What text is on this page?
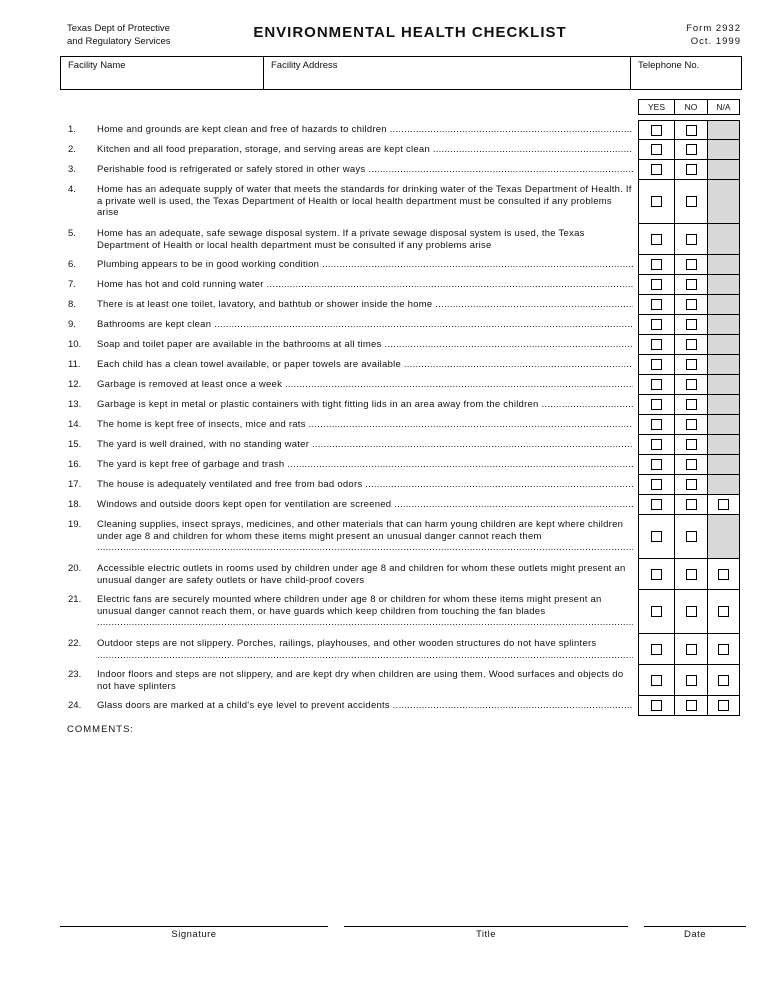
Texas Dept of Protective
and Regulatory Services
ENVIRONMENTAL HEALTH CHECKLIST	Form 2932
Oct. 1999
Facility Name	Facility Address	Telephone No.
YES	NO	N/A
1.	Home and grounds are kept clean and free of hazards to children .....
2.	Kitchen and all food preparation, storage, and serving areas are kept clean .....
3.	Perishable food is refrigerated or safely stored in other ways .....
4.	Home has an adequate supply of water that meets the standards for drinking water of the Texas Department of Health. If a private well is used, the Texas Department of Health or local health department must be consulted if any problems arise .....
5.	Home has an adequate, safe sewage disposal system. If a private sewage disposal system is used, the Texas Department of Health or local health department must be consulted if any problems arise .....
6.	Plumbing appears to be in good working condition .....
7.	Home has hot and cold running water .....
8.	There is at least one toilet, lavatory, and bathtub or shower inside the home .....
9.	Bathrooms are kept clean .....
10.	Soap and toilet paper are available in the bathrooms at all times .....
11.	Each child has a clean towel available, or paper towels are available .....
12.	Garbage is removed at least once a week .....
13.	Garbage is kept in metal or plastic containers with tight fitting lids in an area away from the children .....
14.	The home is kept free of insects, mice and rats .....
15.	The yard is well drained, with no standing water .....
16.	The yard is kept free of garbage and trash .....
17.	The house is adequately ventilated and free from bad odors .....
18.	Windows and outside doors kept open for ventilation are screened .....
19.	Cleaning supplies, insect sprays, medicines, and other materials that can harm young children are kept where children under age 8 and children for whom these items might present an unusual danger cannot reach them .....
20.	Accessible electric outlets in rooms used by children under age 8 and children for whom these outlets might present an unusual danger are safety outlets or have child-proof covers .....
21.	Electric fans are securely mounted where children under age 8 or children for whom these items might present an unusual danger cannot reach them, or have guards which keep children from touching the fan blades .....
22.	Outdoor steps are not slippery. Porches, railings, playhouses, and other wooden structures do not have splinters .....
23.	Indoor floors and steps are not slippery, and are kept dry when children are using them. Wood surfaces and objects do not have splinters .....
24.	Glass doors are marked at a child's eye level to prevent accidents .....
COMMENTS:
Signature	Title	Date
